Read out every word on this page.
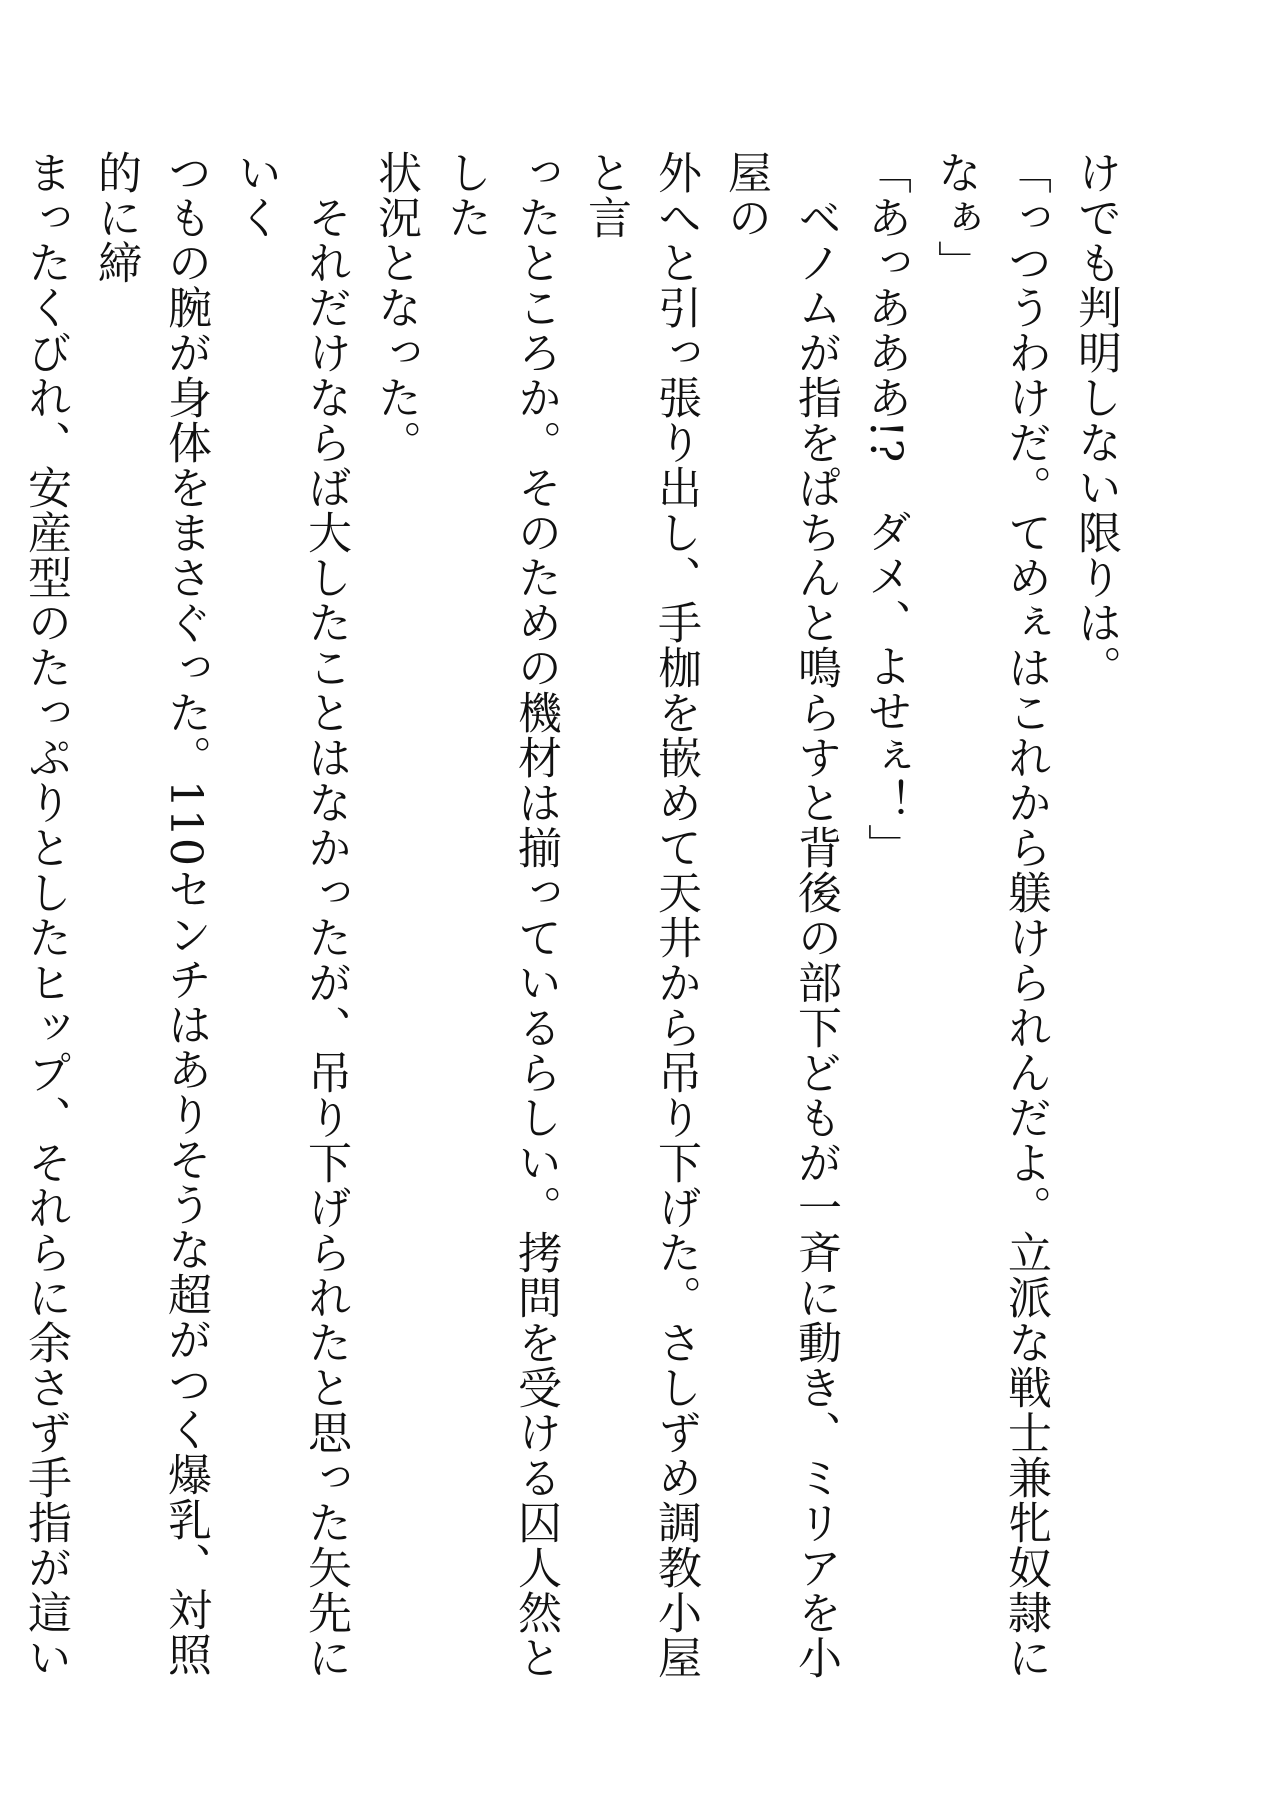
けでも判明しない限りは。

「っつうわけだ。てめぇはこれから躾けられんだよ。立派な戦士兼牝奴隷になぁ」

「あっあああ!?　ダメ、よせぇ！」

　ベノムが指をぱちんと鳴らすと背後の部下どもが一斉に動き、ミリアを小屋の

外へと引っ張り出し、手枷を嵌めて天井から吊り下げた。さしずめ調教小屋と言

ったところか。そのための機材は揃っているらしい。拷問を受ける囚人然とした

状況となった。

　それだけならば大したことはなかったが、吊り下げられたと思った矢先にいく

つもの腕が身体をまさぐった。110センチはありそうな超がつく爆乳、対照的に締

まったくびれ、安産型のたっぷりとしたヒップ、それらに余さず手指が這い
